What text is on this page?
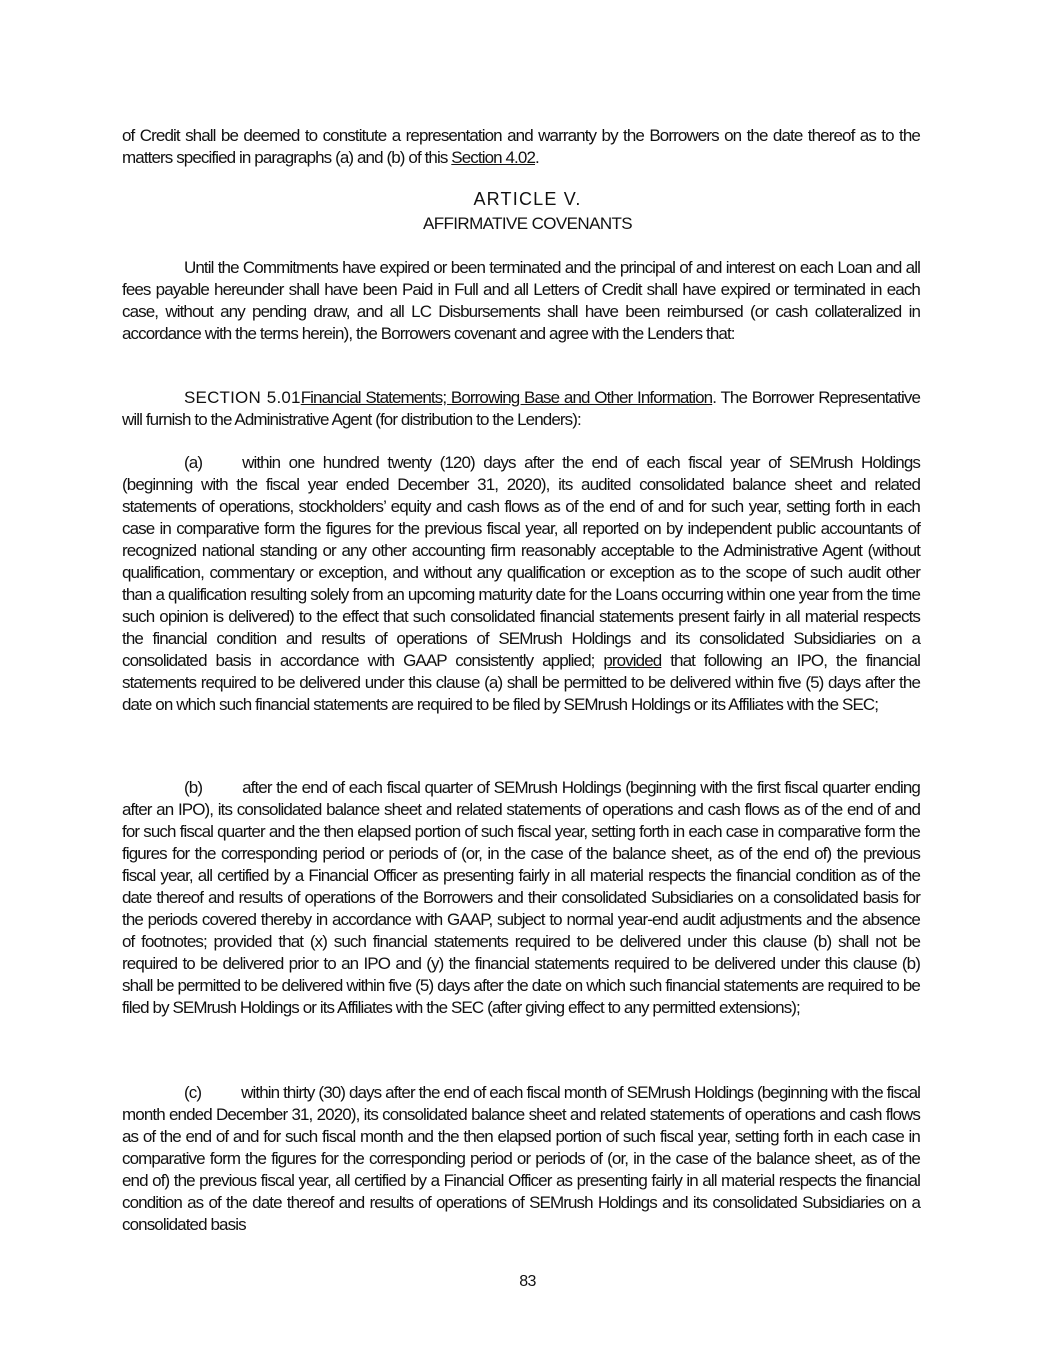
of Credit shall be deemed to constitute a representation and warranty by the Borrowers on the date thereof as to the matters specified in paragraphs (a) and (b) of this Section 4.02.

ARTICLE V.
AFFIRMATIVE COVENANTS

Until the Commitments have expired or been terminated and the principal of and interest on each Loan and all fees payable hereunder shall have been Paid in Full and all Letters of Credit shall have expired or terminated in each case, without any pending draw, and all LC Disbursements shall have been reimbursed (or cash collateralized in accordance with the terms herein), the Borrowers covenant and agree with the Lenders that:

SECTION 5.01Financial Statements; Borrowing Base and Other Information. The Borrower Representative will furnish to the Administrative Agent (for distribution to the Lenders):

(a) within one hundred twenty (120) days after the end of each fiscal year of SEMrush Holdings (beginning with the fiscal year ended December 31, 2020), its audited consolidated balance sheet and related statements of operations, stockholders’ equity and cash flows as of the end of and for such year, setting forth in each case in comparative form the figures for the previous fiscal year, all reported on by independent public accountants of recognized national standing or any other accounting firm reasonably acceptable to the Administrative Agent (without qualification, commentary or exception, and without any qualification or exception as to the scope of such audit other than a qualification resulting solely from an upcoming maturity date for the Loans occurring within one year from the time such opinion is delivered) to the effect that such consolidated financial statements present fairly in all material respects the financial condition and results of operations of SEMrush Holdings and its consolidated Subsidiaries on a consolidated basis in accordance with GAAP consistently applied; provided that following an IPO, the financial statements required to be delivered under this clause (a) shall be permitted to be delivered within five (5) days after the date on which such financial statements are required to be filed by SEMrush Holdings or its Affiliates with the SEC;

(b) after the end of each fiscal quarter of SEMrush Holdings (beginning with the first fiscal quarter ending after an IPO), its consolidated balance sheet and related statements of operations and cash flows as of the end of and for such fiscal quarter and the then elapsed portion of such fiscal year, setting forth in each case in comparative form the figures for the corresponding period or periods of (or, in the case of the balance sheet, as of the end of) the previous fiscal year, all certified by a Financial Officer as presenting fairly in all material respects the financial condition as of the date thereof and results of operations of the Borrowers and their consolidated Subsidiaries on a consolidated basis for the periods covered thereby in accordance with GAAP, subject to normal year-end audit adjustments and the absence of footnotes; provided that (x) such financial statements required to be delivered under this clause (b) shall not be required to be delivered prior to an IPO and (y) the financial statements required to be delivered under this clause (b) shall be permitted to be delivered within five (5) days after the date on which such financial statements are required to be filed by SEMrush Holdings or its Affiliates with the SEC (after giving effect to any permitted extensions);

(c) within thirty (30) days after the end of each fiscal month of SEMrush Holdings (beginning with the fiscal month ended December 31, 2020), its consolidated balance sheet and related statements of operations and cash flows as of the end of and for such fiscal month and the then elapsed portion of such fiscal year, setting forth in each case in comparative form the figures for the corresponding period or periods of (or, in the case of the balance sheet, as of the end of) the previous fiscal year, all certified by a Financial Officer as presenting fairly in all material respects the financial condition as of the date thereof and results of operations of SEMrush Holdings and its consolidated Subsidiaries on a consolidated basis

83
